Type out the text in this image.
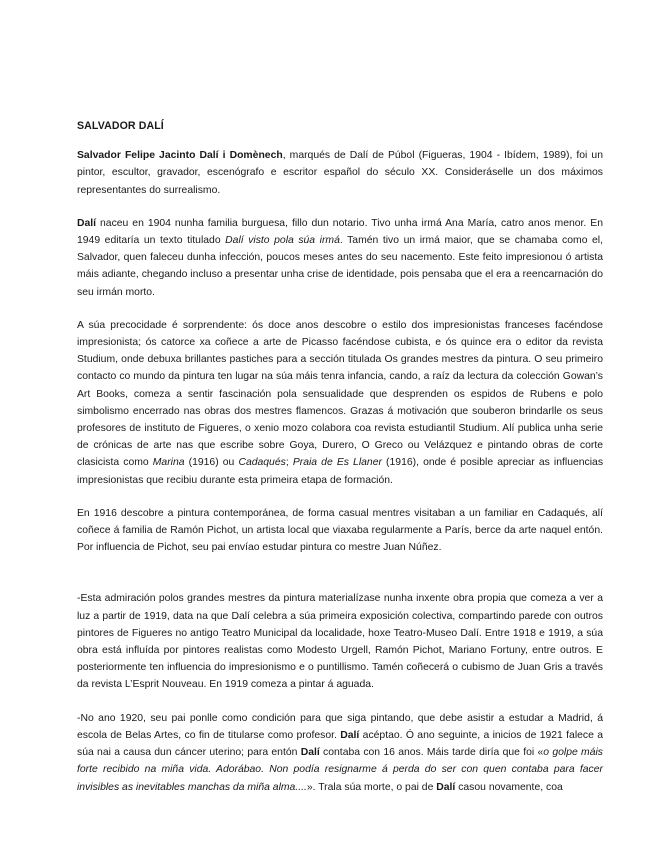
SALVADOR DALÍ

Salvador Felipe Jacinto Dalí i Domènech, marqués de Dalí de Púbol (Figueras, 1904 - Ibídem, 1989), foi un pintor, escultor, gravador, escenógrafo e escritor español do século XX. Consideráselle un dos máximos representantes do surrealismo.

Dalí naceu en 1904 nunha familia burguesa, fillo dun notario. Tivo unha irmá Ana María, catro anos menor. En 1949 editaría un texto titulado Dalí visto pola súa irmá. Tamén tivo un irmá maior, que se chamaba como el, Salvador, quen faleceu dunha infección, poucos meses antes do seu nacemento. Este feito impresionou ó artista máis adiante, chegando incluso a presentar unha crise de identidade, pois pensaba que el era a reencarnación do seu irmán morto.

A súa precocidade é sorprendente: ós doce anos descobre o estilo dos impresionistas franceses facéndose impresionista; ós catorce xa coñece a arte de Picasso facéndose cubista, e ós quince era o editor da revista Studium, onde debuxa brillantes pastiches para a sección titulada Os grandes mestres da pintura. O seu primeiro contacto co mundo da pintura ten lugar na súa máis tenra infancia, cando, a raíz da lectura da colección Gowan’s Art Books, comeza a sentir fascinación pola sensualidade que desprenden os espidos de Rubens e polo simbolismo encerrado nas obras dos mestres flamencos. Grazas á motivación que souberon brindarlle os seus profesores de instituto de Figueres, o xenio mozo colabora coa revista estudiantil Studium. Alí publica unha serie de crónicas de arte nas que escribe sobre Goya, Durero, O Greco ou Velázquez e pintando obras de corte clasicista como Marina (1916) ou Cadaqués; Praia de Es Llaner (1916), onde é posible apreciar as influencias impresionistas que recibiu durante esta primeira etapa de formación.

En 1916 descobre a pintura contemporánea, de forma casual mentres visitaban a un familiar en Cadaqués, alí coñece á familia de Ramón Pichot, un artista local que viaxaba regularmente a París, berce da arte naquel entón. Por influencia de Pichot, seu pai envíao estudar pintura co mestre Juan Núñez.

-Esta admiración polos grandes mestres da pintura materialízase nunha inxente obra propia que comeza a ver a luz a partir de 1919, data na que Dalí celebra a súa primeira exposición colectiva, compartindo parede con outros pintores de Figueres no antigo Teatro Municipal da localidade, hoxe Teatro-Museo Dalí. Entre 1918 e 1919, a súa obra está influída por pintores realistas como Modesto Urgell, Ramón Pichot, Mariano Fortuny, entre outros. E posteriormente ten influencia do impresionismo e o puntillismo. Tamén coñecerá o cubismo de Juan Gris a través da revista L’Esprit Nouveau. En 1919 comeza a pintar á aguada.

-No ano 1920, seu pai ponlle como condición para que siga pintando, que debe asistir a estudar a Madrid, á escola de Belas Artes, co fin de titularse como profesor. Dalí acéptao. Ó ano seguinte, a inicios de 1921 falece a súa nai a causa dun cáncer uterino; para entón Dalí contaba con 16 anos. Máis tarde diría que foi «o golpe máis forte recibido na miña vida. Adorábao. Non podía resignarme á perda do ser con quen contaba para facer invisibles as inevitables manchas da miña alma....». Trala súa morte, o pai de Dalí casou novamente, coa
